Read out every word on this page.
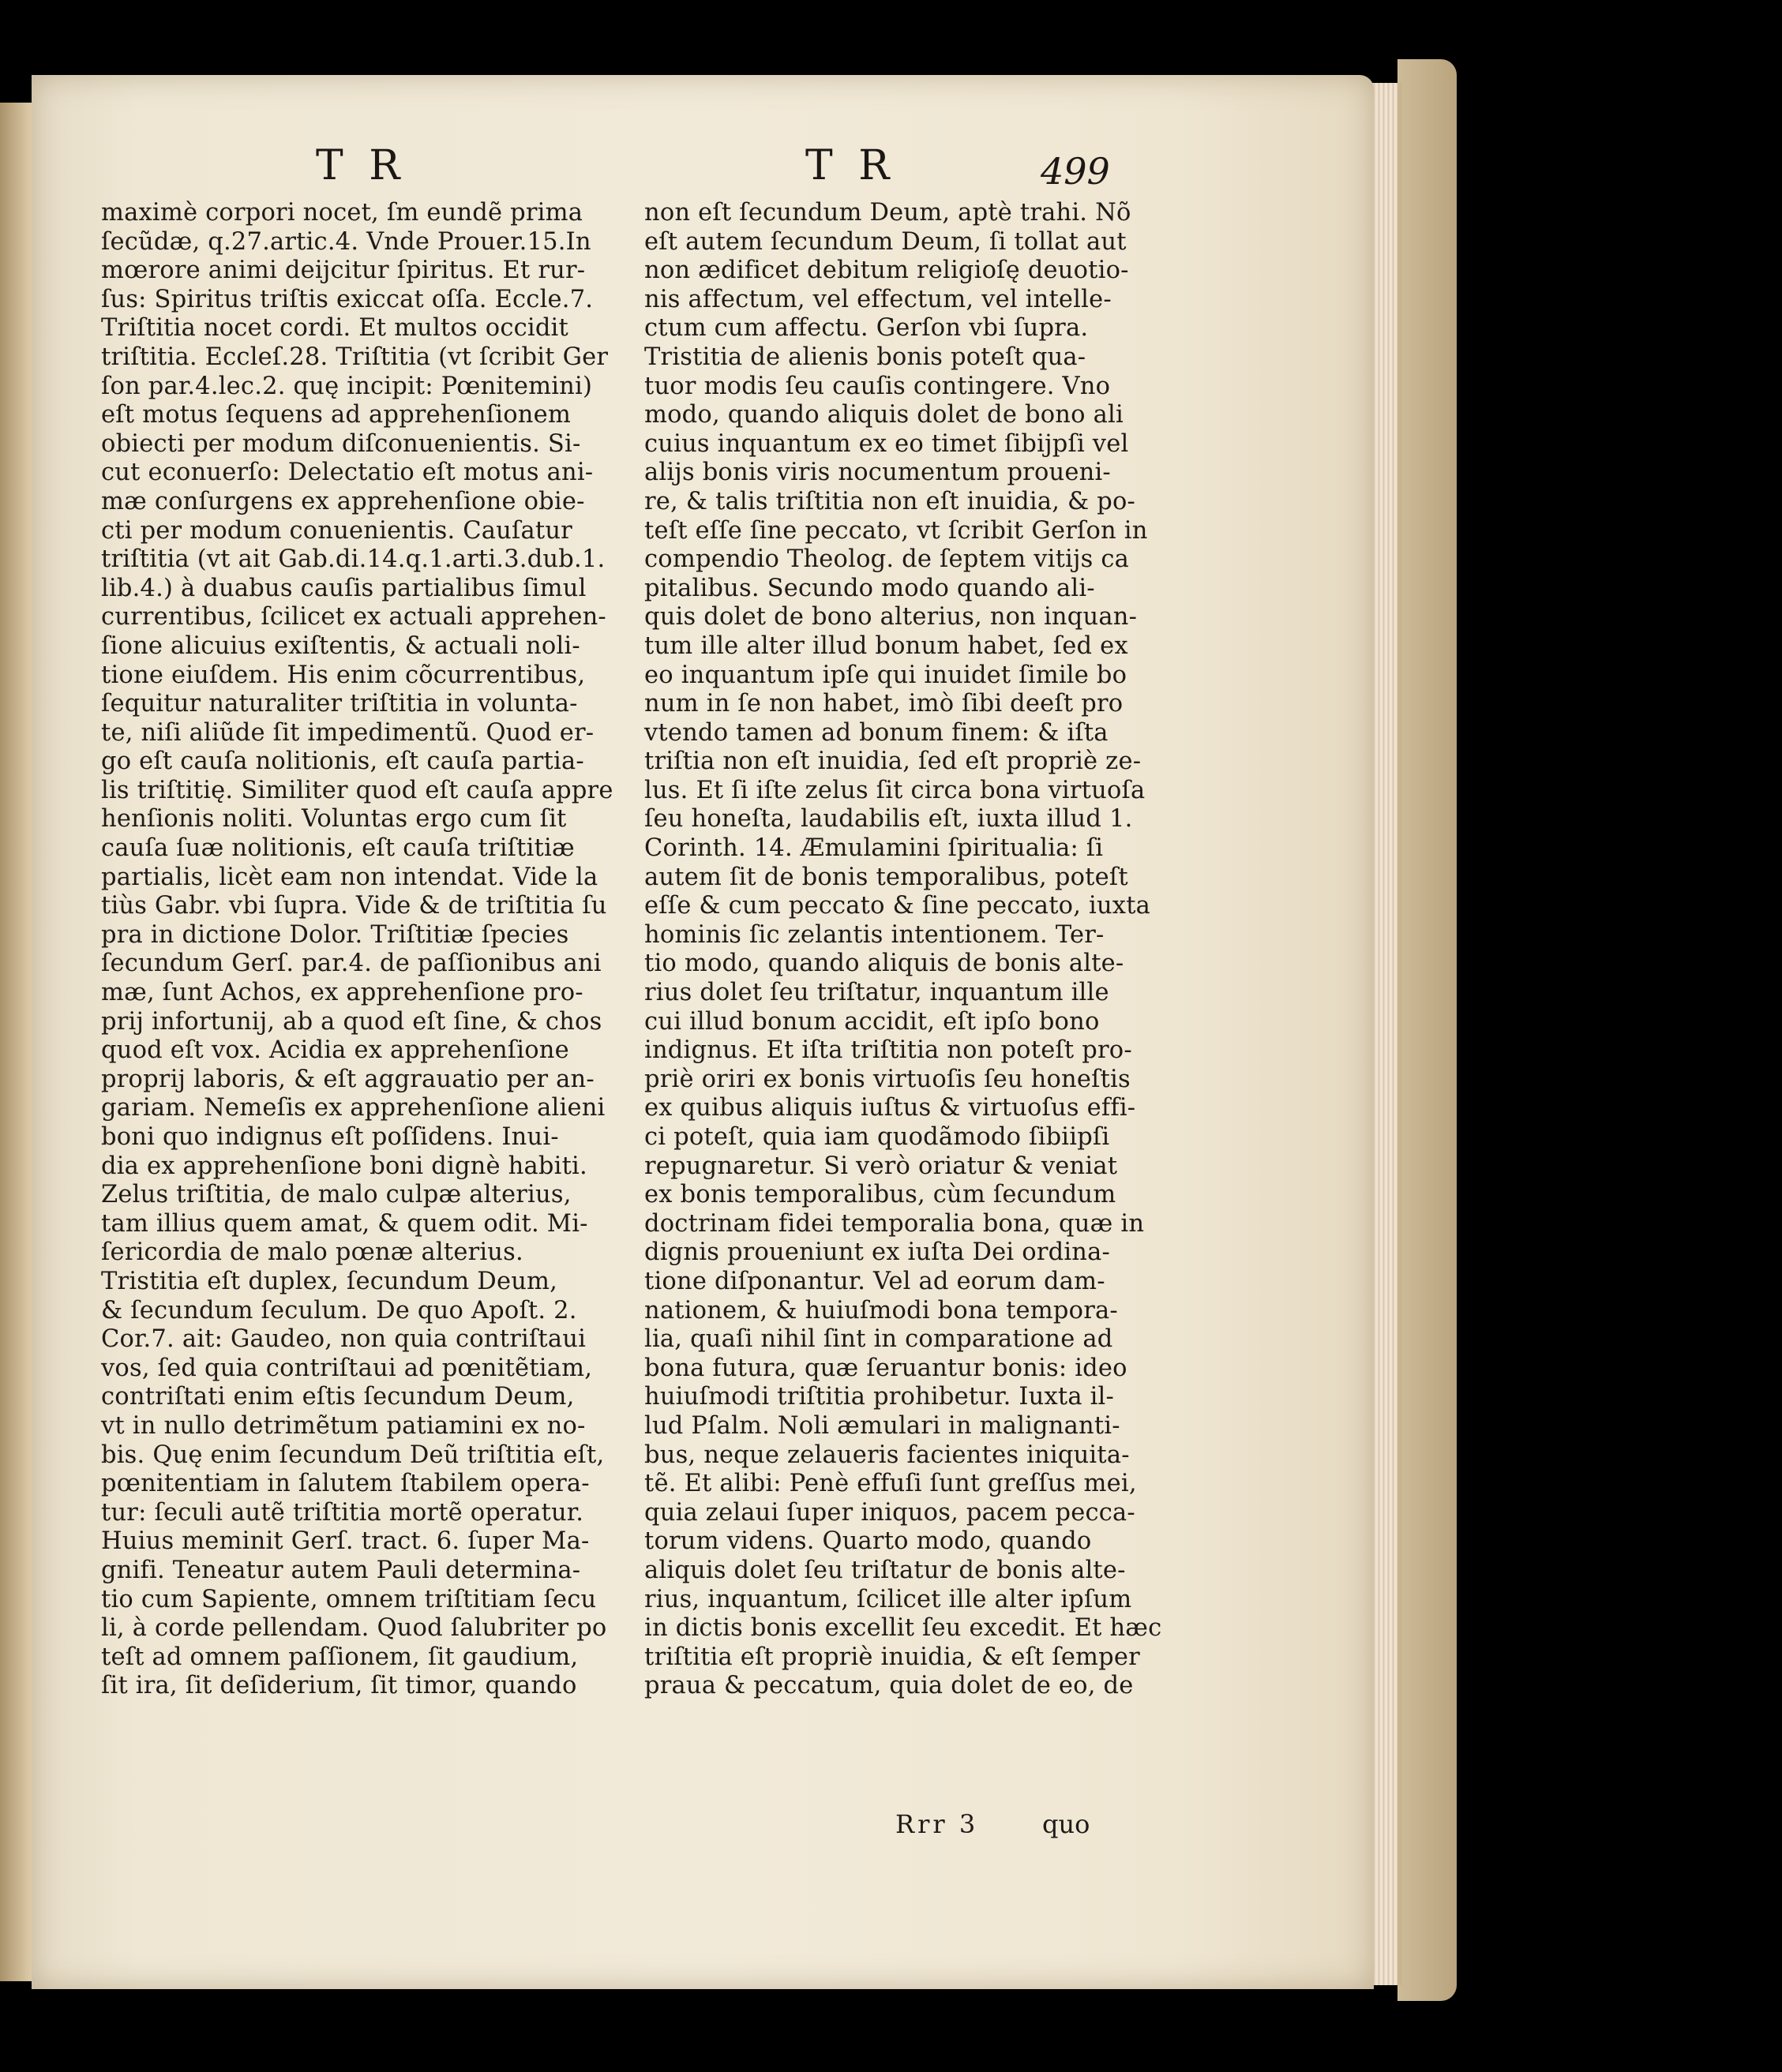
T R	T R	499
maximè corpori nocet, ſm eundẽ prima
ſecũdæ, q.27.artic.4. Vnde Prouer.15.In
mœrore animi deijcitur ſpiritus. Et rur-
ſus: Spiritus triſtis exiccat oſſa. Eccle.7.
Triſtitia nocet cordi. Et multos occidit
triſtitia. Eccleſ.28. Triſtitia (vt ſcribit Ger
ſon par.4.lec.2. quę incipit: Pœnitemini)
eſt motus ſequens ad apprehenſionem
obiecti per modum diſconuenientis. Si-
cut econuerſo: Delectatio eſt motus ani-
mæ conſurgens ex apprehenſione obie-
cti per modum conuenientis. Cauſatur
triſtitia (vt ait Gab.di.14.q.1.arti.3.dub.1.
lib.4.) à duabus cauſis partialibus ſimul
currentibus, ſcilicet ex actuali apprehen-
ſione alicuius exiſtentis, & actuali noli-
tione eiuſdem. His enim cõcurrentibus,
ſequitur naturaliter triſtitia in volunta-
te, niſi aliũde ſit impedimentũ. Quod er-
go eſt cauſa nolitionis, eſt cauſa partia-
lis triſtitię. Similiter quod eſt cauſa appre
henſionis noliti. Voluntas ergo cum ſit
cauſa ſuæ nolitionis, eſt cauſa triſtitiæ
partialis, licèt eam non intendat. Vide la
tiùs Gabr. vbi ſupra. Vide & de triſtitia ſu
pra in dictione Dolor. Triſtitiæ ſpecies
ſecundum Gerſ. par.4. de paſſionibus ani
mæ, ſunt Achos, ex apprehenſione pro-
prij infortunij, ab a quod eſt ſine, & chos
quod eſt vox. Acidia ex apprehenſione
proprij laboris, & eſt aggrauatio per an-
gariam. Nemeſis ex apprehenſione alieni
boni quo indignus eſt poſſidens. Inui-
dia ex apprehenſione boni dignè habiti.
Zelus triſtitia, de malo culpæ alterius,
tam illius quem amat, & quem odit. Mi-
ſericordia de malo pœnæ alterius.
Tristitia eſt duplex, ſecundum Deum,
& ſecundum ſeculum. De quo Apoſt. 2.
Cor.7. ait: Gaudeo, non quia contriſtaui
vos, ſed quia contriſtaui ad pœnitẽtiam,
contriſtati enim eſtis ſecundum Deum,
vt in nullo detrimẽtum patiamini ex no-
bis. Quę enim ſecundum Deũ triſtitia eſt,
pœnitentiam in ſalutem ſtabilem opera-
tur: ſeculi autẽ triſtitia mortẽ operatur.
Huius meminit Gerſ. tract. 6. ſuper Ma-
gnifi. Teneatur autem Pauli determina-
tio cum Sapiente, omnem triſtitiam ſecu
li, à corde pellendam. Quod ſalubriter po
teſt ad omnem paſſionem, ſit gaudium,
ſit ira, ſit deſiderium, ſit timor, quando
non eſt ſecundum Deum, aptè trahi. Nõ
eſt autem ſecundum Deum, ſi tollat aut
non ædificet debitum religioſę deuotio-
nis affectum, vel effectum, vel intelle-
ctum cum affectu. Gerſon vbi ſupra.
Tristitia de alienis bonis poteſt qua-
tuor modis ſeu cauſis contingere. Vno
modo, quando aliquis dolet de bono ali
cuius inquantum ex eo timet ſibijpſi vel
alijs bonis viris nocumentum proueni-
re, & talis triſtitia non eſt inuidia, & po-
teſt eſſe ſine peccato, vt ſcribit Gerſon in
compendio Theolog. de ſeptem vitijs ca
pitalibus. Secundo modo quando ali-
quis dolet de bono alterius, non inquan-
tum ille alter illud bonum habet, ſed ex
eo inquantum ipſe qui inuidet ſimile bo
num in ſe non habet, imò ſibi deeſt pro
vtendo tamen ad bonum finem: & iſta
triſtia non eſt inuidia, ſed eſt propriè ze-
lus. Et ſi iſte zelus ſit circa bona virtuoſa
ſeu honeſta, laudabilis eſt, iuxta illud 1.
Corinth. 14. Æmulamini ſpiritualia: ſi
autem ſit de bonis temporalibus, poteſt
eſſe & cum peccato & ſine peccato, iuxta
hominis ſic zelantis intentionem. Ter-
tio modo, quando aliquis de bonis alte-
rius dolet ſeu triſtatur, inquantum ille
cui illud bonum accidit, eſt ipſo bono
indignus. Et iſta triſtitia non poteſt pro-
priè oriri ex bonis virtuoſis ſeu honeſtis
ex quibus aliquis iuſtus & virtuoſus effi-
ci poteſt, quia iam quodãmodo ſibiipſi
repugnaretur. Si verò oriatur & veniat
ex bonis temporalibus, cùm ſecundum
doctrinam fidei temporalia bona, quæ in
dignis proueniunt ex iuſta Dei ordina-
tione diſponantur. Vel ad eorum dam-
nationem, & huiuſmodi bona tempora-
lia, quaſi nihil ſint in comparatione ad
bona futura, quæ ſeruantur bonis: ideo
huiuſmodi triſtitia prohibetur. Iuxta il-
lud Pſalm. Noli æmulari in malignanti-
bus, neque zelaueris facientes iniquita-
tẽ. Et alibi: Penè effuſi ſunt greſſus mei,
quia zelaui ſuper iniquos, pacem pecca-
torum videns. Quarto modo, quando
aliquis dolet ſeu triſtatur de bonis alte-
rius, inquantum, ſcilicet ille alter ipſum
in dictis bonis excellit ſeu excedit. Et hæc
triſtitia eſt propriè inuidia, & eſt ſemper
praua & peccatum, quia dolet de eo, de
Rrr 3	quo
